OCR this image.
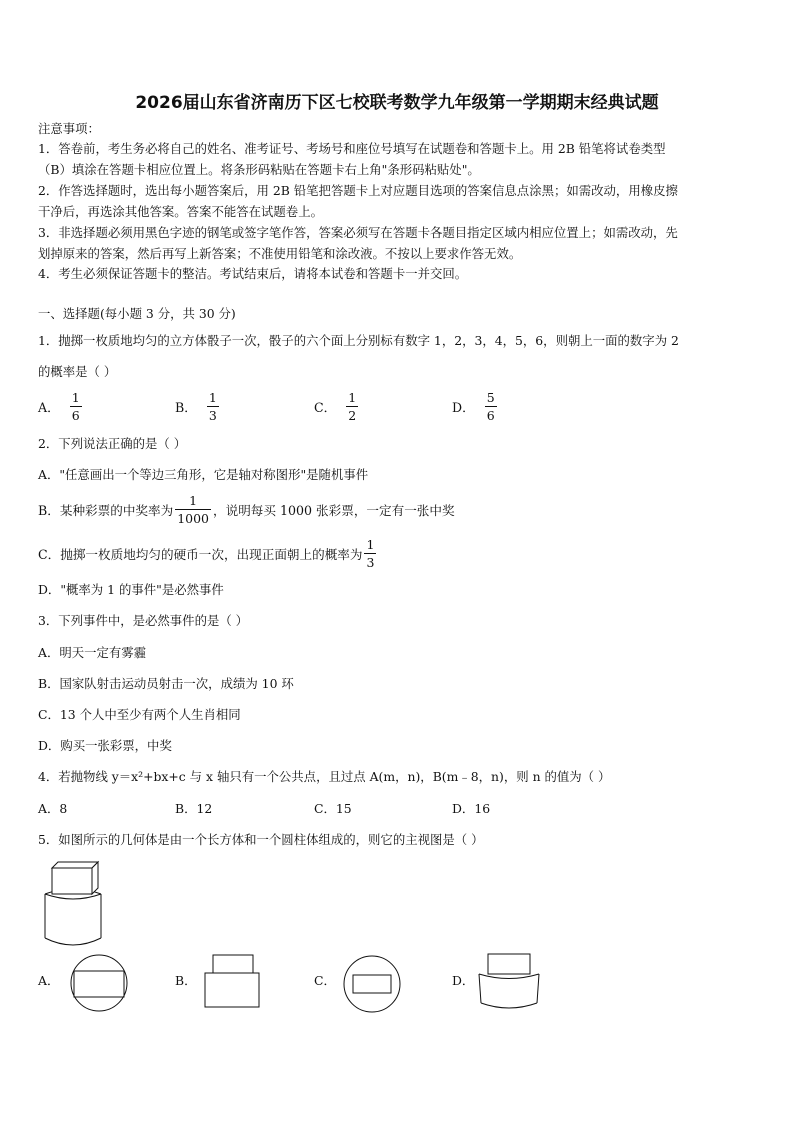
2026届山东省济南历下区七校联考数学九年级第一学期期末经典试题
注意事项：
1．答卷前，考生务必将自己的姓名、准考证号、考场号和座位号填写在试题卷和答题卡上。用 2B 铅笔将试卷类型
（B）填涂在答题卡相应位置上。将条形码粘贴在答题卡右上角"条形码粘贴处"。
2．作答选择题时，选出每小题答案后，用 2B 铅笔把答题卡上对应题目选项的答案信息点涂黑；如需改动，用橡皮擦
干净后，再选涂其他答案。答案不能答在试题卷上。
3．非选择题必须用黑色字迹的钢笔或签字笔作答，答案必须写在答题卡各题目指定区域内相应位置上；如需改动，先
划掉原来的答案，然后再写上新答案；不准使用铅笔和涂改液。不按以上要求作答无效。
4．考生必须保证答题卡的整洁。考试结束后，请将本试卷和答题卡一并交回。
一、选择题(每小题 3 分，共 30 分)
1．抛掷一枚质地均匀的立方体骰子一次，骰子的六个面上分别标有数字 1，2，3，4，5，6，则朝上一面的数字为 2
的概率是（ ）
A． $\frac{1}{6}$	B． $\frac{1}{3}$	C． $\frac{1}{2}$	D． $\frac{5}{6}$
2．下列说法正确的是（ ）
A．"任意画出一个等边三角形，它是轴对称图形"是随机事件
B．某种彩票的中奖率为 $\frac{1}{1000}$ ，说明每买 1000 张彩票，一定有一张中奖
C．抛掷一枚质地均匀的硬币一次，出现正面朝上的概率为 $\frac{1}{3}$
D．"概率为 1 的事件"是必然事件
3．下列事件中，是必然事件的是（ ）
A．明天一定有雾霾
B．国家队射击运动员射击一次，成绩为 10 环
C．13 个人中至少有两个人生肖相同
D．购买一张彩票，中奖
4．若抛物线 y＝x²+bx+c 与 x 轴只有一个公共点，且过点 A(m，n)，B(m﹣8，n)，则 n 的值为（ ）
A．8	B．12	C．15	D．16
5．如图所示的几何体是由一个长方体和一个圆柱体组成的，则它的主视图是（ ）
A．	B．	C．	D．
